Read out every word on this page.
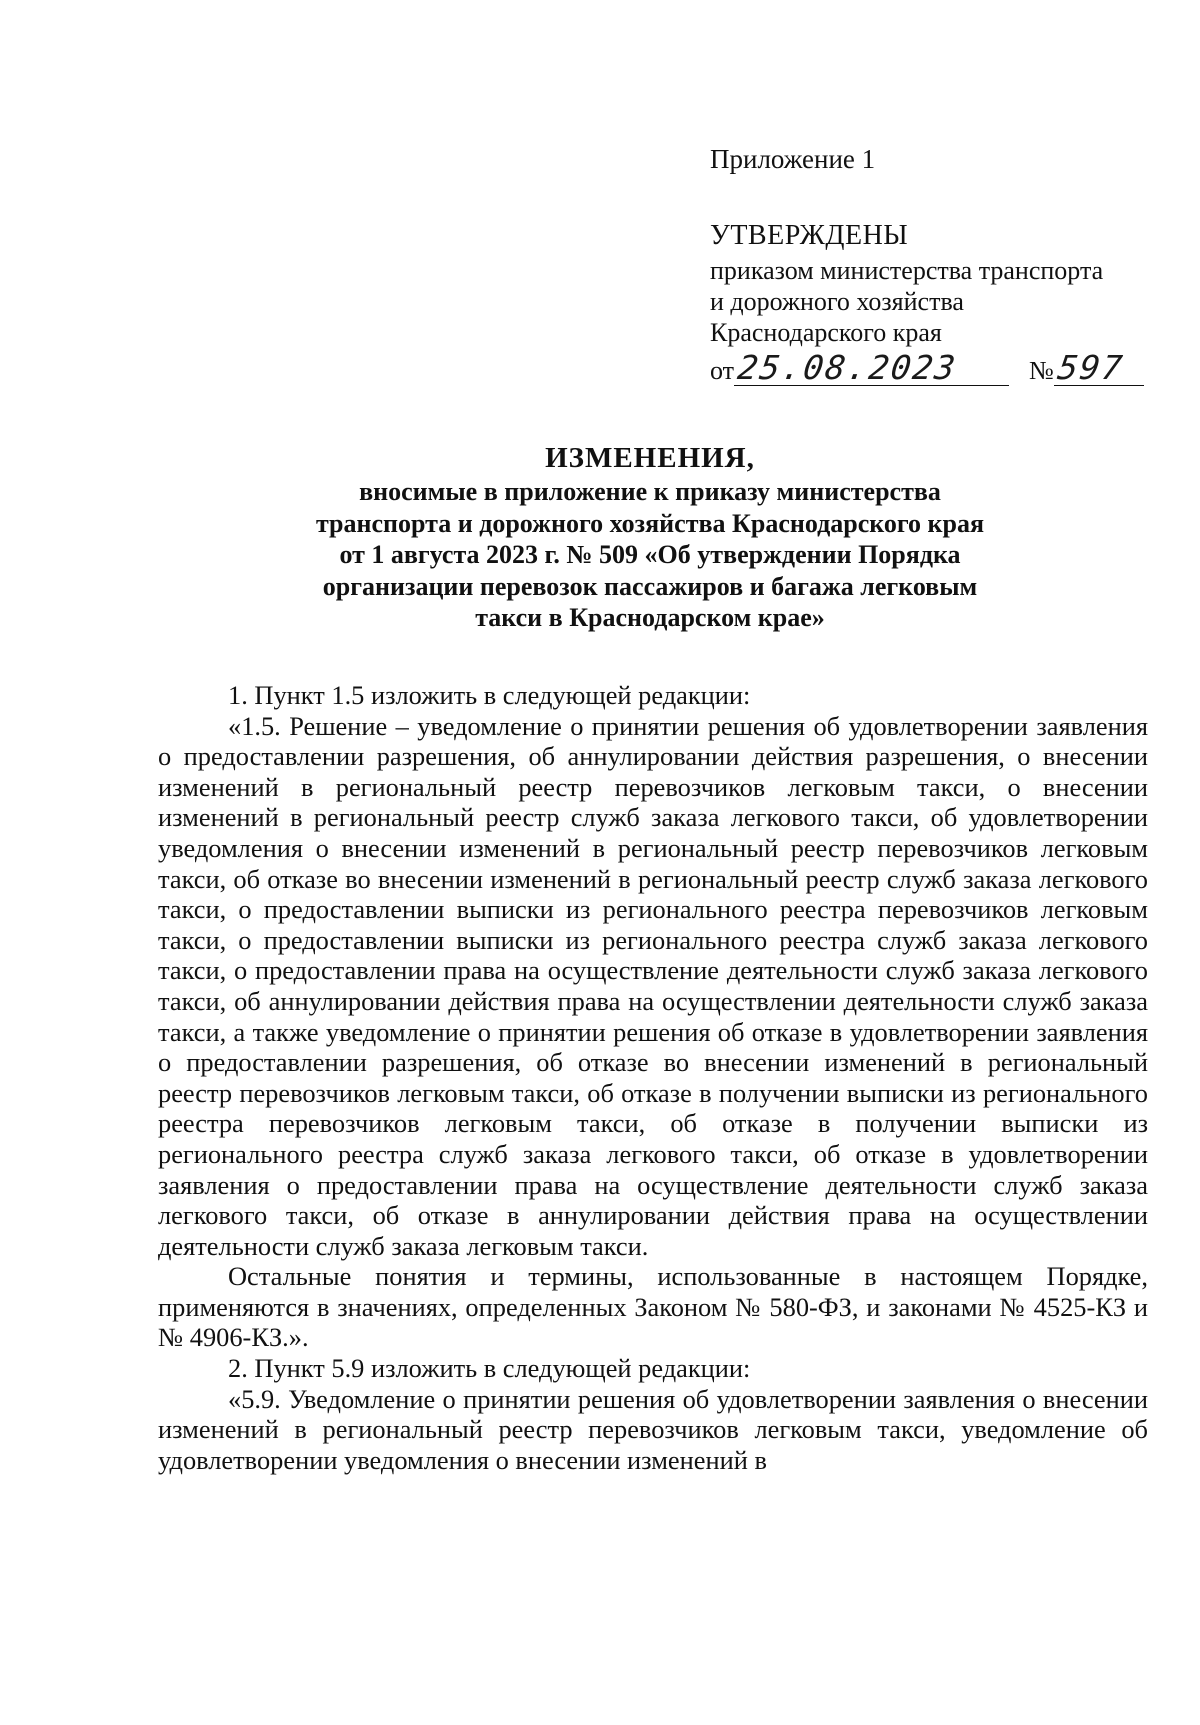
Приложение 1

УТВЕРЖДЕНЫ

приказом министерства транспорта

и дорожного хозяйства

Краснодарского края

от 25.08.2023	№ 597

ИЗМЕНЕНИЯ,

вносимые в приложение к приказу министерства

транспорта и дорожного хозяйства Краснодарского края

от 1 августа 2023 г. № 509 «Об утверждении Порядка

организации перевозок пассажиров и багажа легковым

такси в Краснодарском крае»

1. Пункт 1.5 изложить в следующей редакции:

«1.5. Решение – уведомление о принятии решения об удовлетворении заявления о предоставлении разрешения, об аннулировании действия разрешения, о внесении изменений в региональный реестр перевозчиков легковым такси, о внесении изменений в региональный реестр служб заказа легкового такси, об удовлетворении уведомления о внесении изменений в региональный реестр перевозчиков легковым такси, об отказе во внесении изменений в региональный реестр служб заказа легкового такси, о предоставлении выписки из регионального реестра перевозчиков легковым такси, о предоставлении выписки из регионального реестра служб заказа легкового такси, о предоставлении права на осуществление деятельности служб заказа легкового такси, об аннулировании действия права на осуществлении деятельности служб заказа такси, а также уведомление о принятии решения об отказе в удовлетворении заявления о предоставлении разрешения, об отказе во внесении изменений в региональный реестр перевозчиков легковым такси, об отказе в получении выписки из регионального реестра перевозчиков легковым такси, об отказе в получении выписки из регионального реестра служб заказа легкового такси, об отказе в удовлетворении заявления о предоставлении права на осуществление деятельности служб заказа легкового такси, об отказе в аннулировании действия права на осуществлении деятельности служб заказа легковым такси.

Остальные понятия и термины, использованные в настоящем Порядке, применяются в значениях, определенных Законом № 580-ФЗ, и законами № 4525-КЗ и № 4906-КЗ.».

2. Пункт 5.9 изложить в следующей редакции:

«5.9. Уведомление о принятии решения об удовлетворении заявления о внесении изменений в региональный реестр перевозчиков легковым такси, уведомление об удовлетворении уведомления о внесении изменений в
